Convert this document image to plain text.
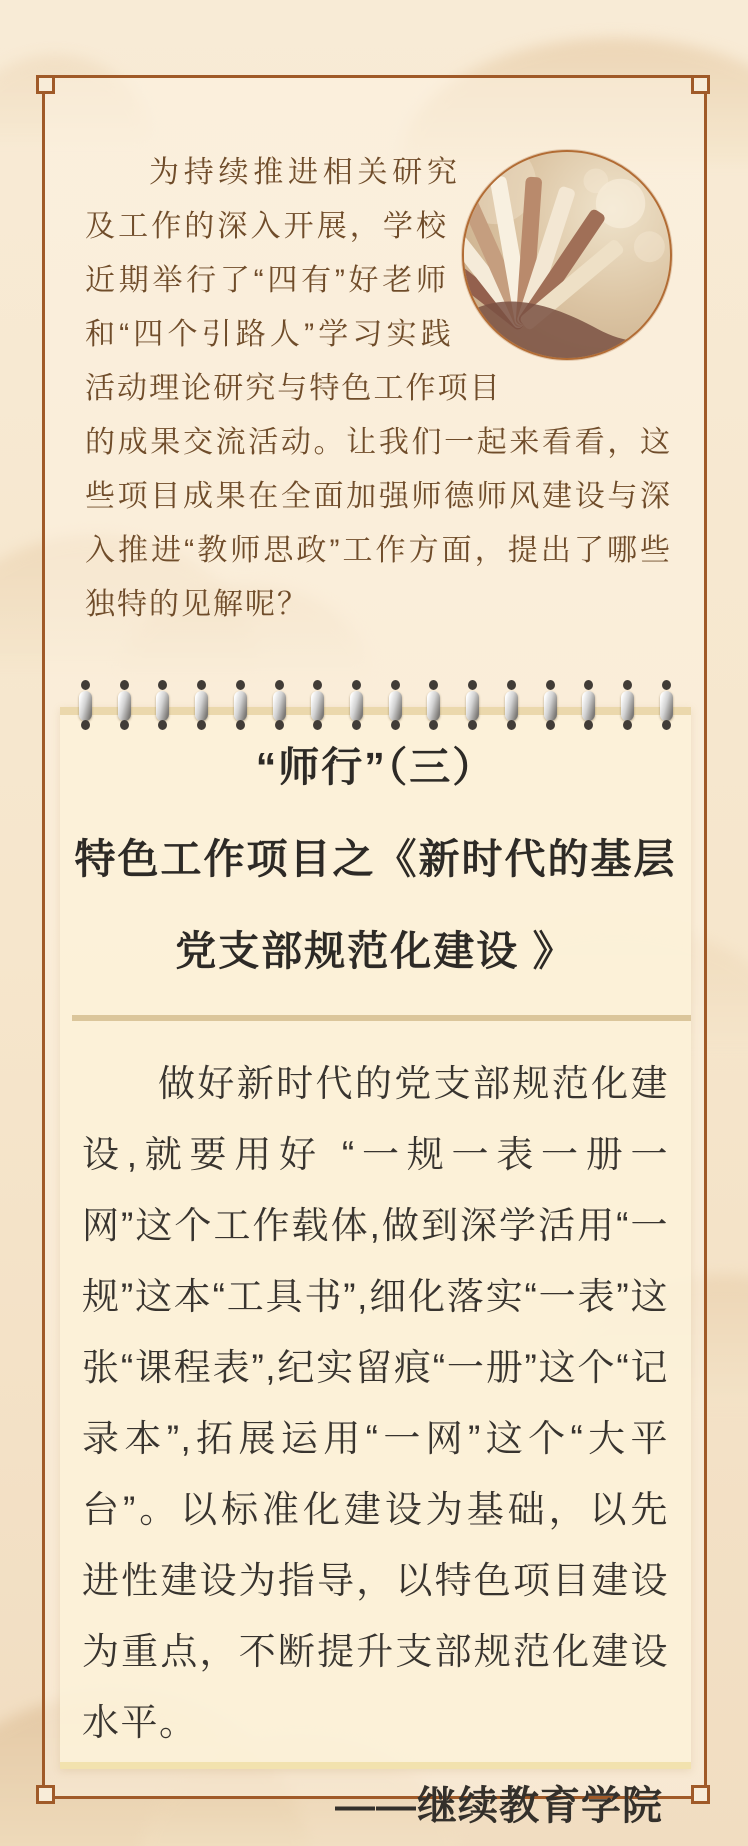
为持续推进相关研究及工作的深入开展，学校近期举行了“四有”好老师和“四个引路人”学习实践活动理论研究与特色工作项目的成果交流活动。让我们一起来看看，这些项目成果在全面加强师德师风建设与深入推进“教师思政”工作方面，提出了哪些独特的见解呢？

“师行”（三）
特色工作项目之《新时代的基层
党支部规范化建设 》

做好新时代的党支部规范化建设,就要用好 “一规一表一册一网”这个工作载体,做到深学活用“一规”这本“工具书”,细化落实“一表”这张“课程表”,纪实留痕“一册”这个“记录本”,拓展运用“一网”这个“大平台”。以标准化建设为基础，以先进性建设为指导，以特色项目建设为重点，不断提升支部规范化建设水平。

——继续教育学院
